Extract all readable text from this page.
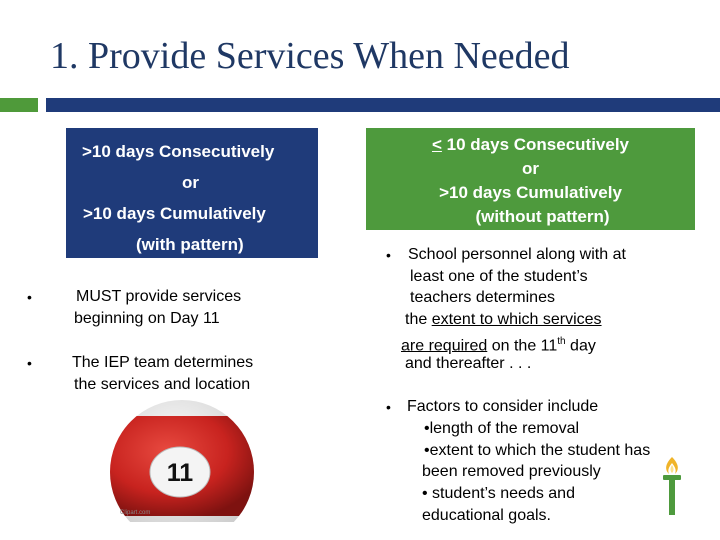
1. Provide Services When Needed
>10 days Consecutively
or
>10 days Cumulatively
(with pattern)
•	MUST provide services
beginning on Day 11
•	The IEP team determines
the services and location
11
Clipart.com
≤ 10 days Consecutively
or
>10 days Cumulatively
(without pattern)
• School personnel along with at
least one of the student’s
teachers determines
the extent to which services
are required on the 11th day
and thereafter . . .
• Factors to consider include
•length of the removal
•extent to which the student has
been removed previously
• student’s needs and
educational goals.
